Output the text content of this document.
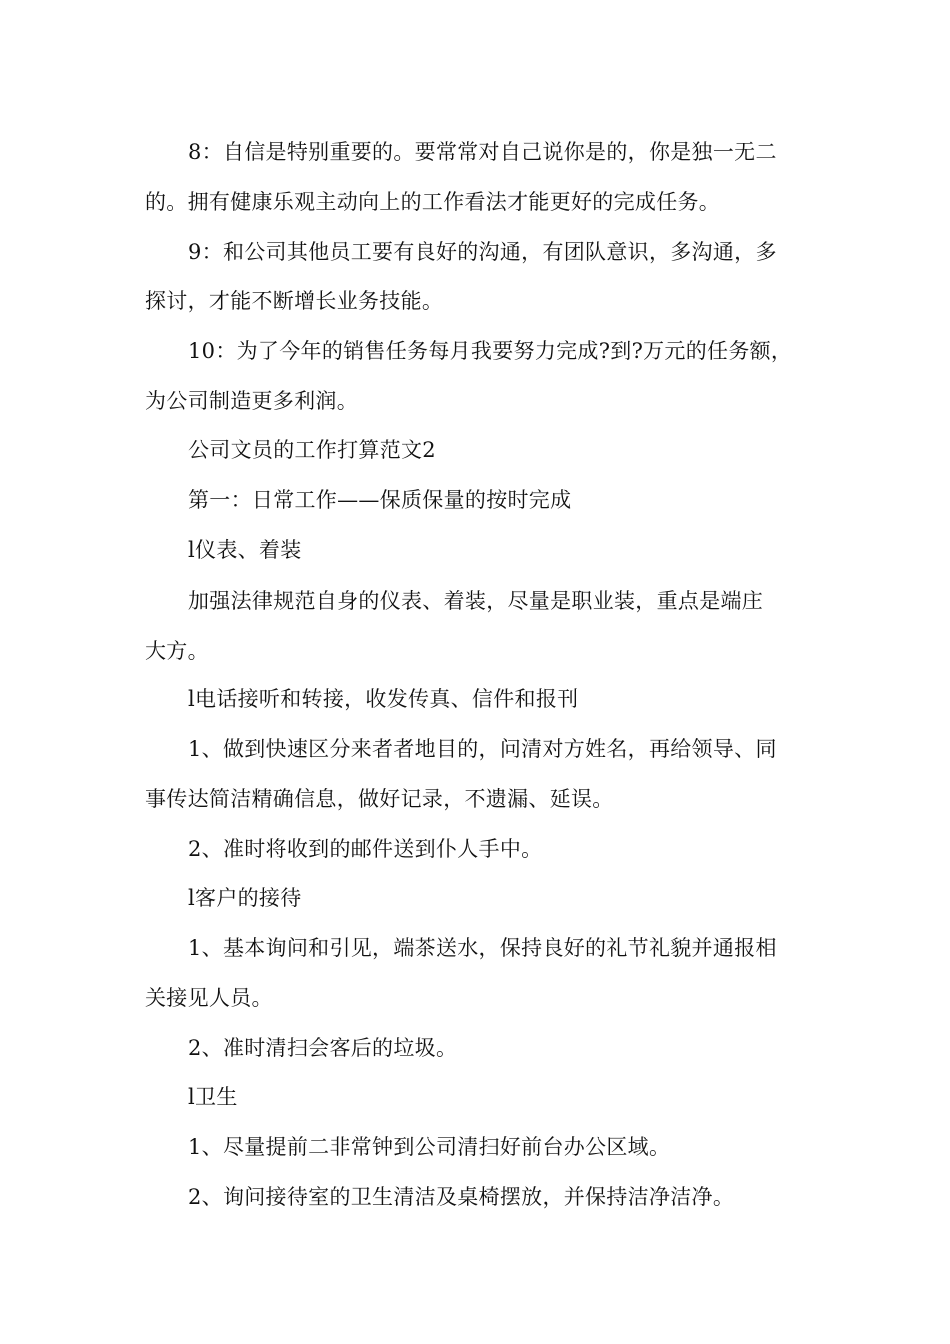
8：自信是特别重要的。要常常对自己说你是的，你是独一无二
的。拥有健康乐观主动向上的工作看法才能更好的完成任务。
9：和公司其他员工要有良好的沟通，有团队意识，多沟通，多
探讨，才能不断增长业务技能。
10：为了今年的销售任务每月我要努力完成?到?万元的任务额，
为公司制造更多利润。
公司文员的工作打算范文2
第一：日常工作——保质保量的按时完成
l仪表、着装
加强法律规范自身的仪表、着装，尽量是职业装，重点是端庄
大方。
l电话接听和转接，收发传真、信件和报刊
1、做到快速区分来者者地目的，问清对方姓名，再给领导、同
事传达简洁精确信息，做好记录，不遗漏、延误。
2、准时将收到的邮件送到仆人手中。
l客户的接待
1、基本询问和引见，端茶送水，保持良好的礼节礼貌并通报相
关接见人员。
2、准时清扫会客后的垃圾。
l卫生
1、尽量提前二非常钟到公司清扫好前台办公区域。
2、询问接待室的卫生清洁及桌椅摆放，并保持洁净洁净。
